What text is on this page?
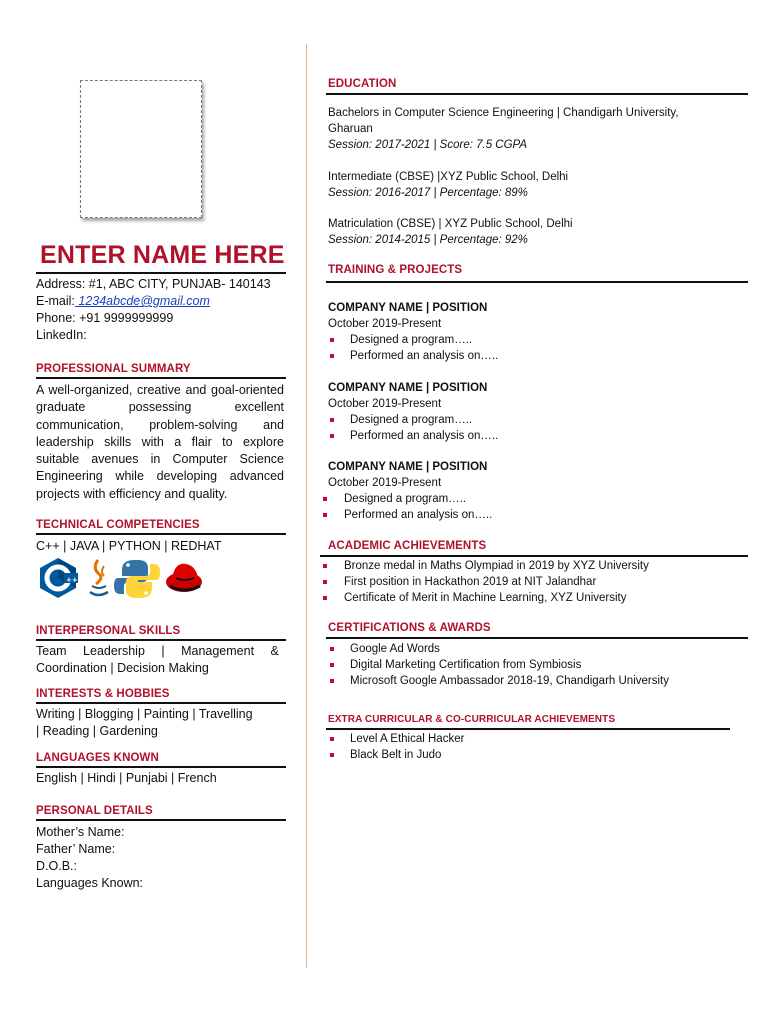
ENTER NAME HERE
Address: #1, ABC CITY, PUNJAB- 140143
E-mail: 1234abcde@gmail.com
Phone: +91 9999999999
LinkedIn:
PROFESSIONAL SUMMARY
A well-organized, creative and goal-oriented graduate possessing excellent communication, problem-solving and leadership skills with a flair to explore suitable avenues in Computer Science Engineering while developing advanced projects with efficiency and quality.
TECHNICAL COMPETENCIES
C++ | JAVA | PYTHON | REDHAT
++
INTERPERSONAL SKILLS
Team Leadership | Management &
Coordination | Decision Making
INTERESTS & HOBBIES
Writing | Blogging | Painting | Travelling
| Reading | Gardening
LANGUAGES KNOWN
English | Hindi | Punjabi | French
PERSONAL DETAILS
Mother’s Name:
Father’ Name:
D.O.B.:
Languages Known:
EDUCATION
Bachelors in Computer Science Engineering | Chandigarh University,
Gharuan
Session: 2017-2021 | Score: 7.5 CGPA
Intermediate (CBSE) |XYZ Public School, Delhi
Session: 2016-2017 | Percentage: 89%
Matriculation (CBSE) | XYZ Public School, Delhi
Session: 2014-2015 | Percentage: 92%
TRAINING & PROJECTS
COMPANY NAME | POSITION
October 2019-Present
Designed a program…..
Performed an analysis on…..
COMPANY NAME | POSITION
October 2019-Present
Designed a program…..
Performed an analysis on…..
COMPANY NAME | POSITION
October 2019-Present
Designed a program…..
Performed an analysis on…..
ACADEMIC ACHIEVEMENTS
Bronze medal in Maths Olympiad in 2019 by XYZ University
First position in Hackathon 2019 at NIT Jalandhar
Certificate of Merit in Machine Learning, XYZ University
CERTIFICATIONS & AWARDS
Google Ad Words
Digital Marketing Certification from Symbiosis
Microsoft Google Ambassador 2018-19, Chandigarh University
EXTRA CURRICULAR & CO-CURRICULAR ACHIEVEMENTS
Level A Ethical Hacker
Black Belt in Judo
